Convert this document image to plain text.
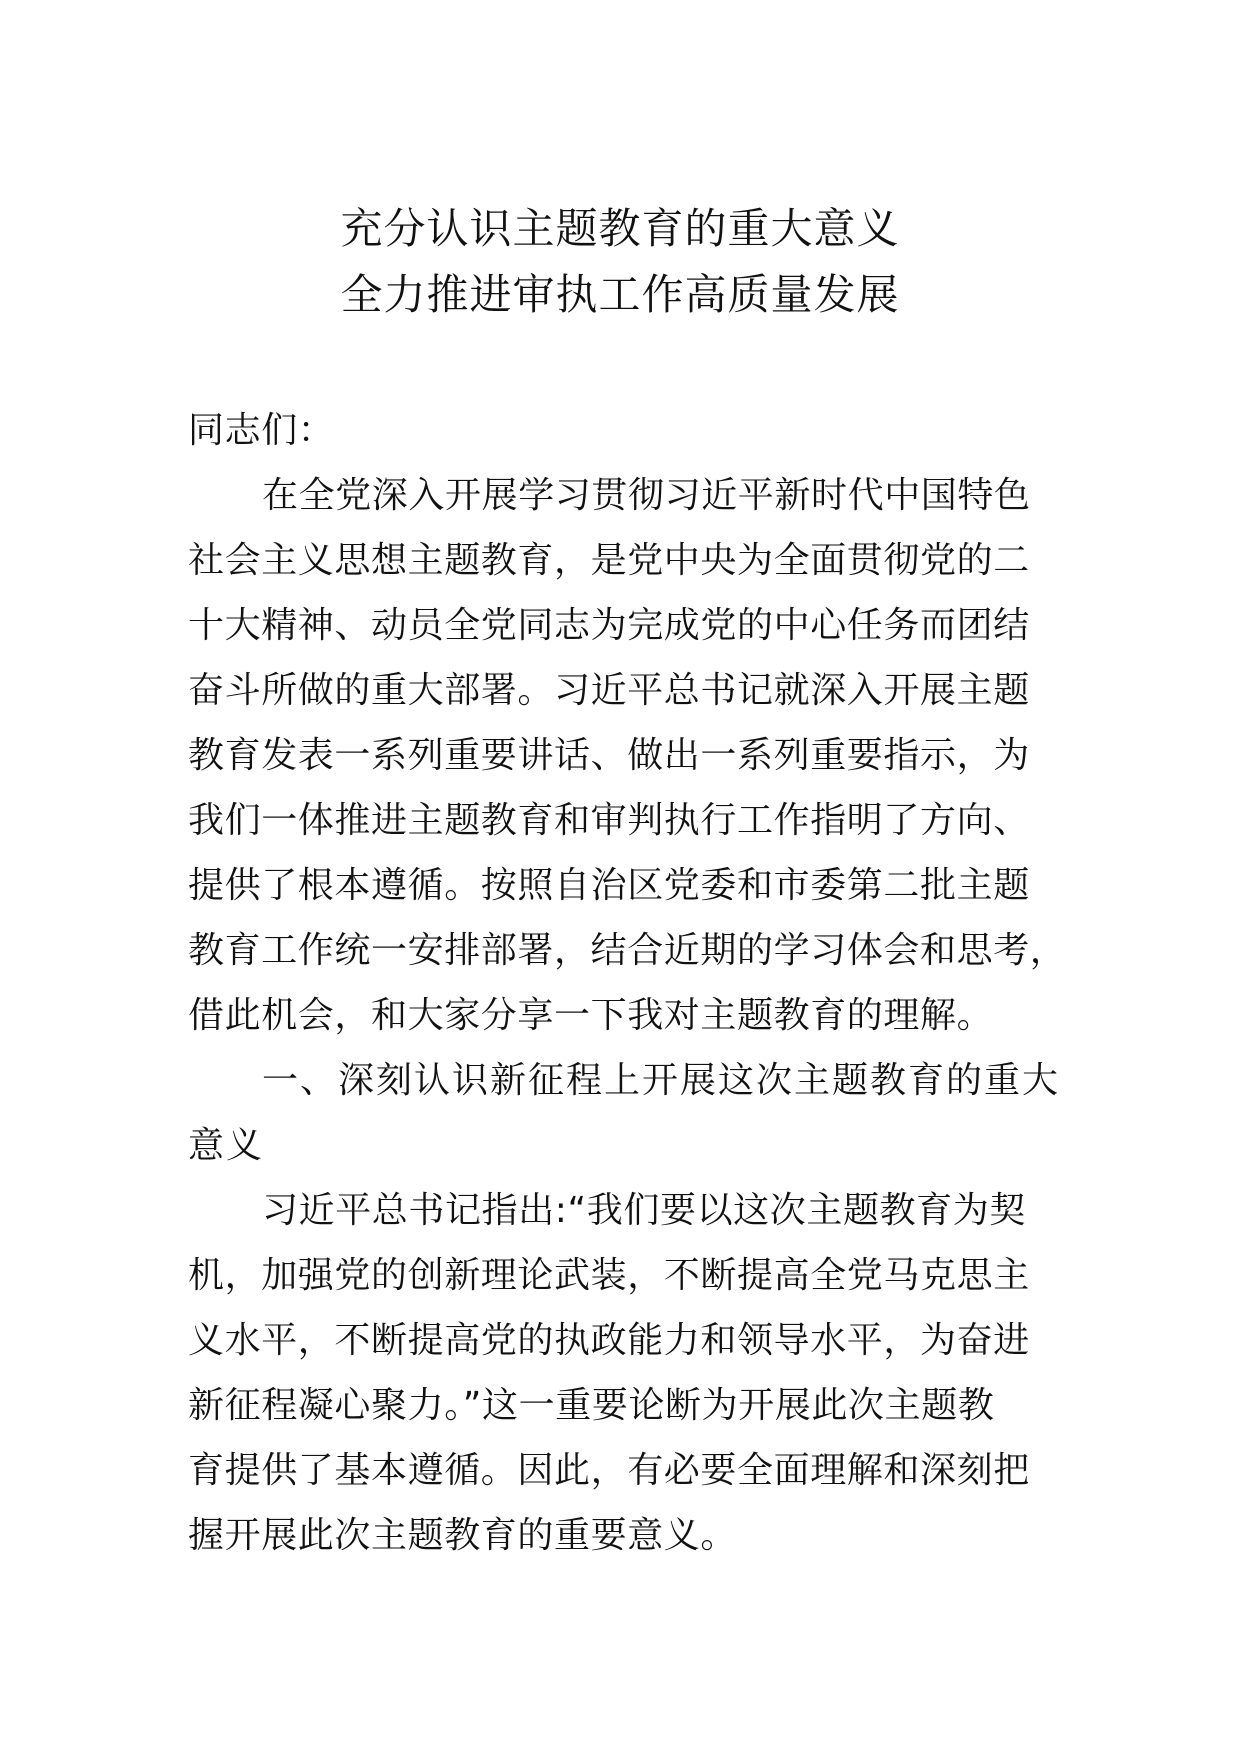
充分认识主题教育的重大意义
全力推进审执工作高质量发展
同志们：
在全党深入开展学习贯彻习近平新时代中国特色
社会主义思想主题教育，是党中央为全面贯彻党的二
十大精神、动员全党同志为完成党的中心任务而团结
奋斗所做的重大部署。习近平总书记就深入开展主题
教育发表一系列重要讲话、做出一系列重要指示，为
我们一体推进主题教育和审判执行工作指明了方向、
提供了根本遵循。按照自治区党委和市委第二批主题
教育工作统一安排部署，结合近期的学习体会和思考，
借此机会，和大家分享一下我对主题教育的理解。
一、深刻认识新征程上开展这次主题教育的重大
意义
习近平总书记指出:“我们要以这次主题教育为契
机，加强党的创新理论武装，不断提高全党马克思主
义水平，不断提高党的执政能力和领导水平，为奋进
新征程凝心聚力。”这一重要论断为开展此次主题教
育提供了基本遵循。因此，有必要全面理解和深刻把
握开展此次主题教育的重要意义。
